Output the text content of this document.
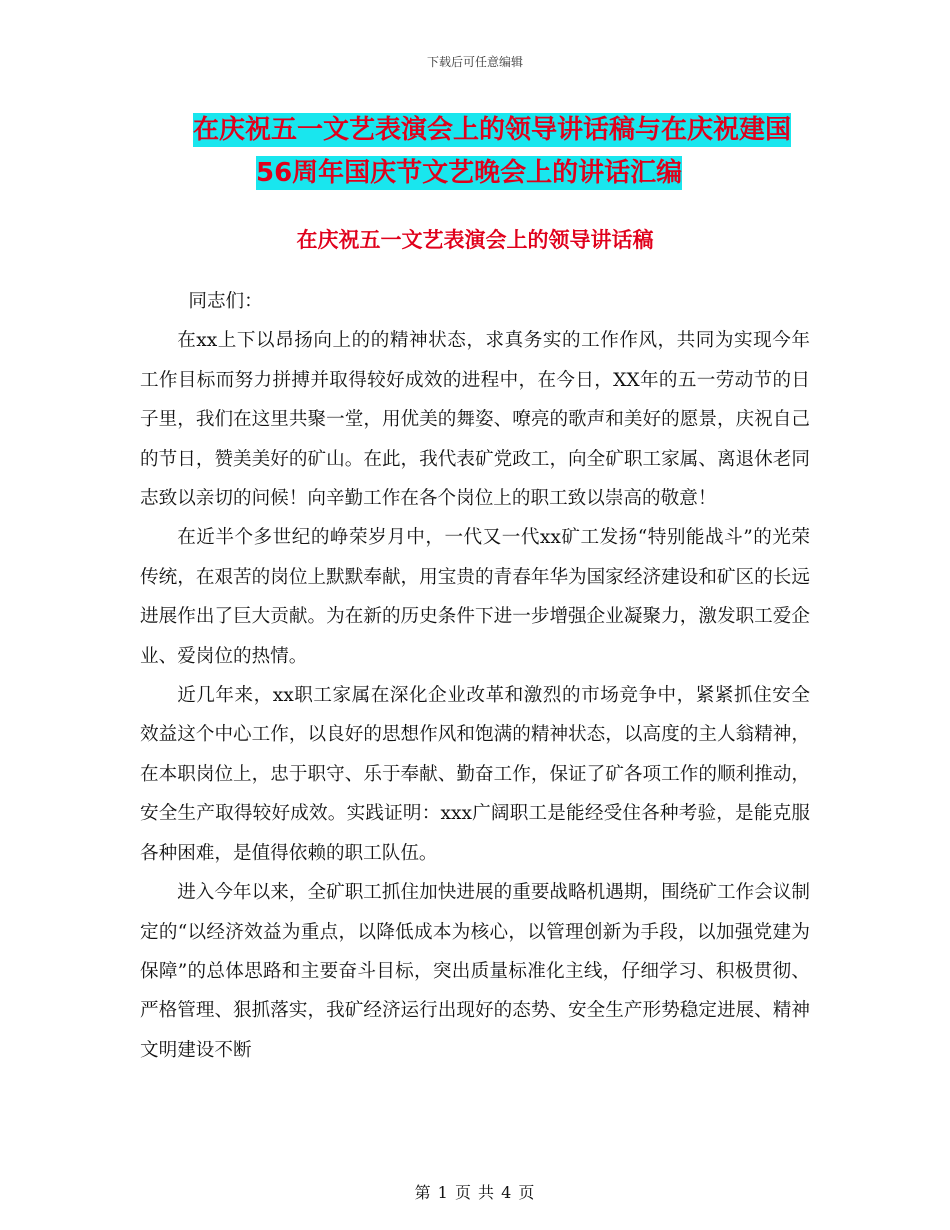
下载后可任意编辑
在庆祝五一文艺表演会上的领导讲话稿与在庆祝建国
56周年国庆节文艺晚会上的讲话汇编
在庆祝五一文艺表演会上的领导讲话稿

同志们：

在xx上下以昂扬向上的的精神状态，求真务实的工作作风，共同为实现今年工作目标而努力拼搏并取得较好成效的进程中，在今日，XX年的五一劳动节的日子里，我们在这里共聚一堂，用优美的舞姿、嘹亮的歌声和美好的愿景，庆祝自己的节日，赞美美好的矿山。在此，我代表矿党政工，向全矿职工家属、离退休老同志致以亲切的问候！向辛勤工作在各个岗位上的职工致以崇高的敬意！

在近半个多世纪的峥荣岁月中，一代又一代xx矿工发扬“特别能战斗”的光荣传统，在艰苦的岗位上默默奉献，用宝贵的青春年华为国家经济建设和矿区的长远进展作出了巨大贡献。为在新的历史条件下进一步增强企业凝聚力，激发职工爱企业、爱岗位的热情。

近几年来，xx职工家属在深化企业改革和激烈的市场竞争中，紧紧抓住安全效益这个中心工作，以良好的思想作风和饱满的精神状态，以高度的主人翁精神，在本职岗位上，忠于职守、乐于奉献、勤奋工作，保证了矿各项工作的顺利推动，安全生产取得较好成效。实践证明：xxx广阔职工是能经受住各种考验，是能克服各种困难，是值得依赖的职工队伍。

进入今年以来，全矿职工抓住加快进展的重要战略机遇期，围绕矿工作会议制定的“以经济效益为重点，以降低成本为核心，以管理创新为手段，以加强党建为保障”的总体思路和主要奋斗目标，突出质量标准化主线，仔细学习、积极贯彻、严格管理、狠抓落实，我矿经济运行出现好的态势、安全生产形势稳定进展、精神文明建设不断

第 1 页 共 4 页
